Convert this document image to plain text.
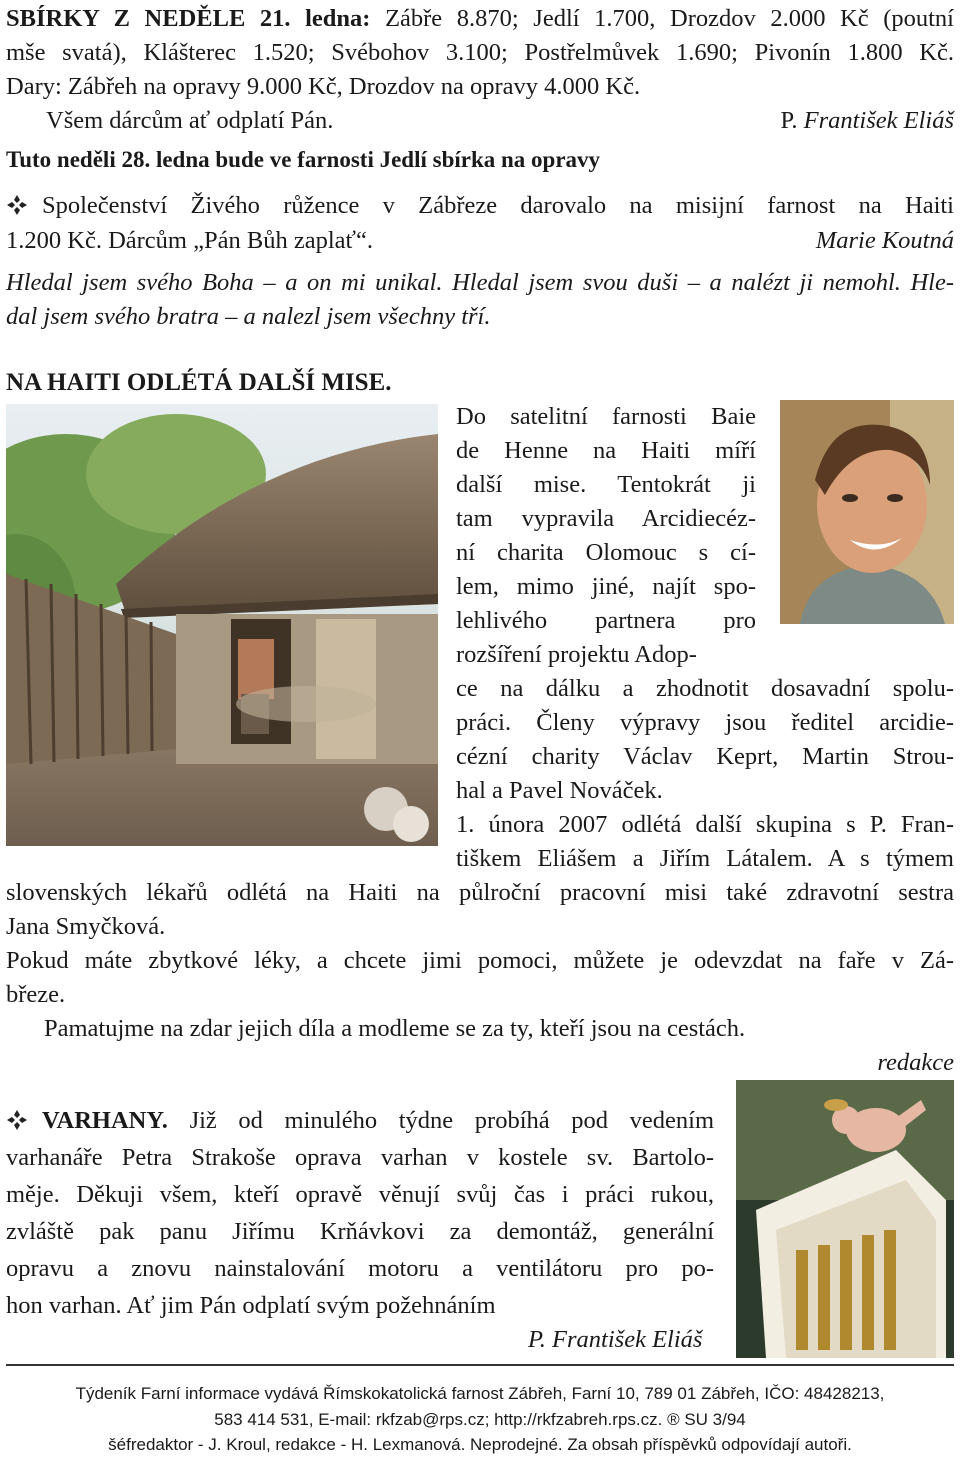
SBÍRKY Z NEDĚLE 21. ledna: Zábře 8.870; Jedlí 1.700, Drozdov 2.000 Kč (poutní
mše svatá), Klášterec 1.520; Svébohov 3.100; Postřelmůvek 1.690; Pivonín 1.800 Kč.
Dary: Zábřeh na opravy 9.000 Kč, Drozdov na opravy 4.000 Kč.
Všem dárcům ať odplatí Pán.	P. František Eliáš
Tuto neděli 28. ledna bude ve farnosti Jedlí sbírka na opravy
Společenství Živého růžence v Zábřeze darovalo na misijní farnost na Haiti
1.200 Kč. Dárcům „Pán Bůh zaplať“.	Marie Koutná
Hledal jsem svého Boha – a on mi unikal. Hledal jsem svou duši – a nalézt ji nemohl. Hle-
dal jsem svého bratra – a nalezl jsem všechny tří.
NA HAITI ODLÉTÁ DALŠÍ MISE.
Do satelitní farnosti Baie
de Henne na Haiti míří
další mise. Tentokrát ji
tam vypravila Arcidiecéz-
ní charita Olomouc s cí-
lem, mimo jiné, najít spo-
lehlivého partnera pro
rozšíření projektu Adop-
ce na dálku a zhodnotit dosavadní spolu-
práci. Členy výpravy jsou ředitel arcidie-
cézní charity Václav Keprt, Martin Strou-
hal a Pavel Nováček.
1. února 2007 odlétá další skupina s P. Fran-
tiškem Eliášem a Jiřím Látalem. A s týmem
slovenských lékařů odlétá na Haiti na půlroční pracovní misi také zdravotní sestra
Jana Smyčková.
Pokud máte zbytkové léky, a chcete jimi pomoci, můžete je odevzdat na faře v Zá-
březe.
Pamatujme na zdar jejich díla a modleme se za ty, kteří jsou na cestách.
redakce
VARHANY. Již od minulého týdne probíhá pod vedením
varhanáře Petra Strakoše oprava varhan v kostele sv. Bartolo-
měje. Děkuji všem, kteří opravě věnují svůj čas i práci rukou,
zvláště pak panu Jiřímu Krňávkovi za demontáž, generální
opravu a znovu nainstalování motoru a ventilátoru pro po-
hon varhan. Ať jim Pán odplatí svým požehnáním
P. František Eliáš
Týdeník Farní informace vydává Římskokatolická farnost Zábřeh, Farní 10, 789 01 Zábřeh, IČO: 48428213,
583 414 531, E-mail: rkfzab@rps.cz; http://rkfzabreh.rps.cz. ® SU 3/94
šéfredaktor - J. Kroul, redakce - H. Lexmanová. Neprodejné. Za obsah příspěvků odpovídají autoři.
